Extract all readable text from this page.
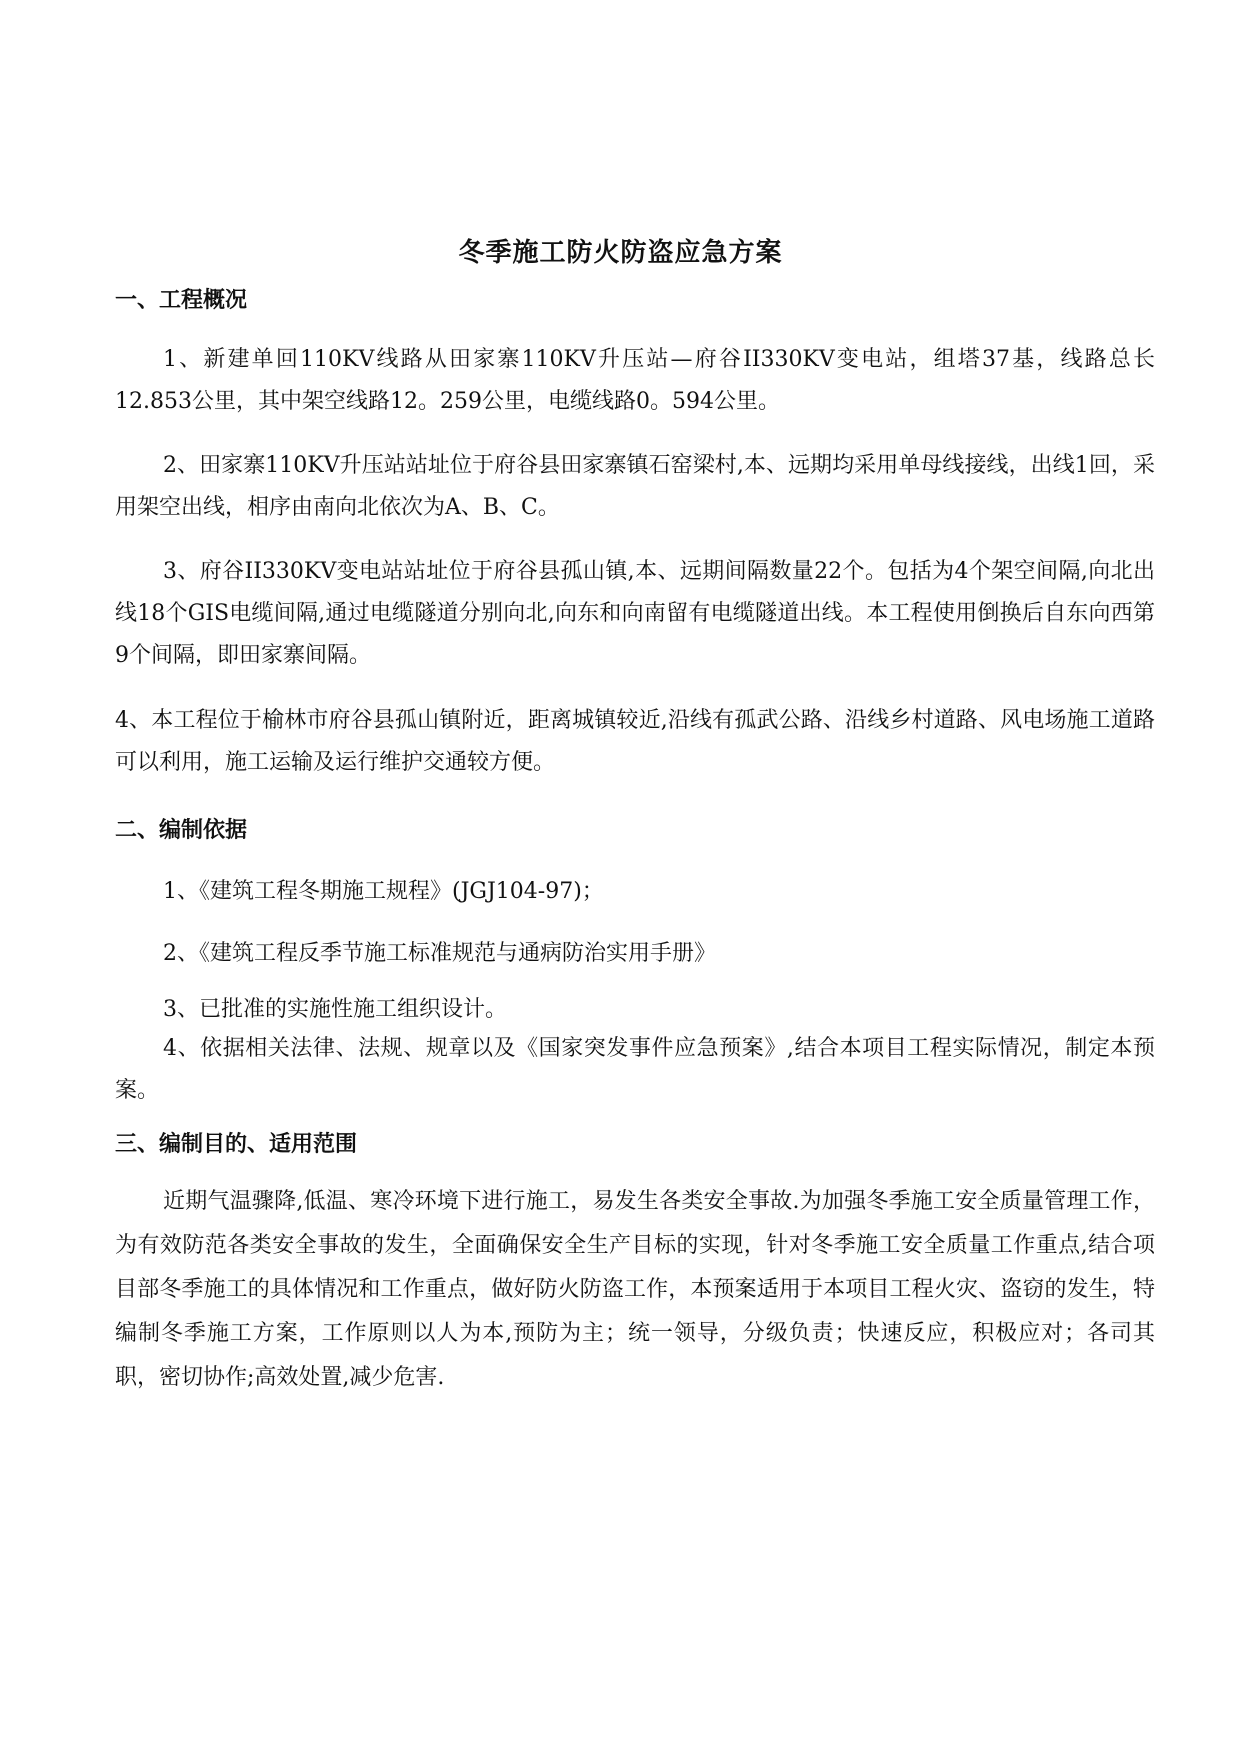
冬季施工防火防盗应急方案
一、工程概况
1、新建单回110KV线路从田家寨110KV升压站—府谷II330KV变电站，组塔37基，线路总长12.853公里，其中架空线路12。259公里，电缆线路0。594公里。
2、田家寨110KV升压站站址位于府谷县田家寨镇石窑梁村,本、远期均采用单母线接线，出线1回，采用架空出线，相序由南向北依次为A、B、C。
3、府谷II330KV变电站站址位于府谷县孤山镇,本、远期间隔数量22个。包括为4个架空间隔,向北出线18个GIS电缆间隔,通过电缆隧道分别向北,向东和向南留有电缆隧道出线。本工程使用倒换后自东向西第9个间隔，即田家寨间隔。
4、本工程位于榆林市府谷县孤山镇附近，距离城镇较近,沿线有孤武公路、沿线乡村道路、风电场施工道路可以利用，施工运输及运行维护交通较方便。
二、编制依据
1、《建筑工程冬期施工规程》(JGJ104-97)；
2、《建筑工程反季节施工标准规范与通病防治实用手册》
3、已批准的实施性施工组织设计。
4、依据相关法律、法规、规章以及《国家突发事件应急预案》,结合本项目工程实际情况，制定本预案。
三、编制目的、适用范围
近期气温骤降,低温、寒冷环境下进行施工，易发生各类安全事故.为加强冬季施工安全质量管理工作，为有效防范各类安全事故的发生，全面确保安全生产目标的实现，针对冬季施工安全质量工作重点,结合项目部冬季施工的具体情况和工作重点，做好防火防盗工作，本预案适用于本项目工程火灾、盗窃的发生，特编制冬季施工方案，工作原则以人为本,预防为主；统一领导，分级负责；快速反应，积极应对；各司其职，密切协作;高效处置,减少危害.
